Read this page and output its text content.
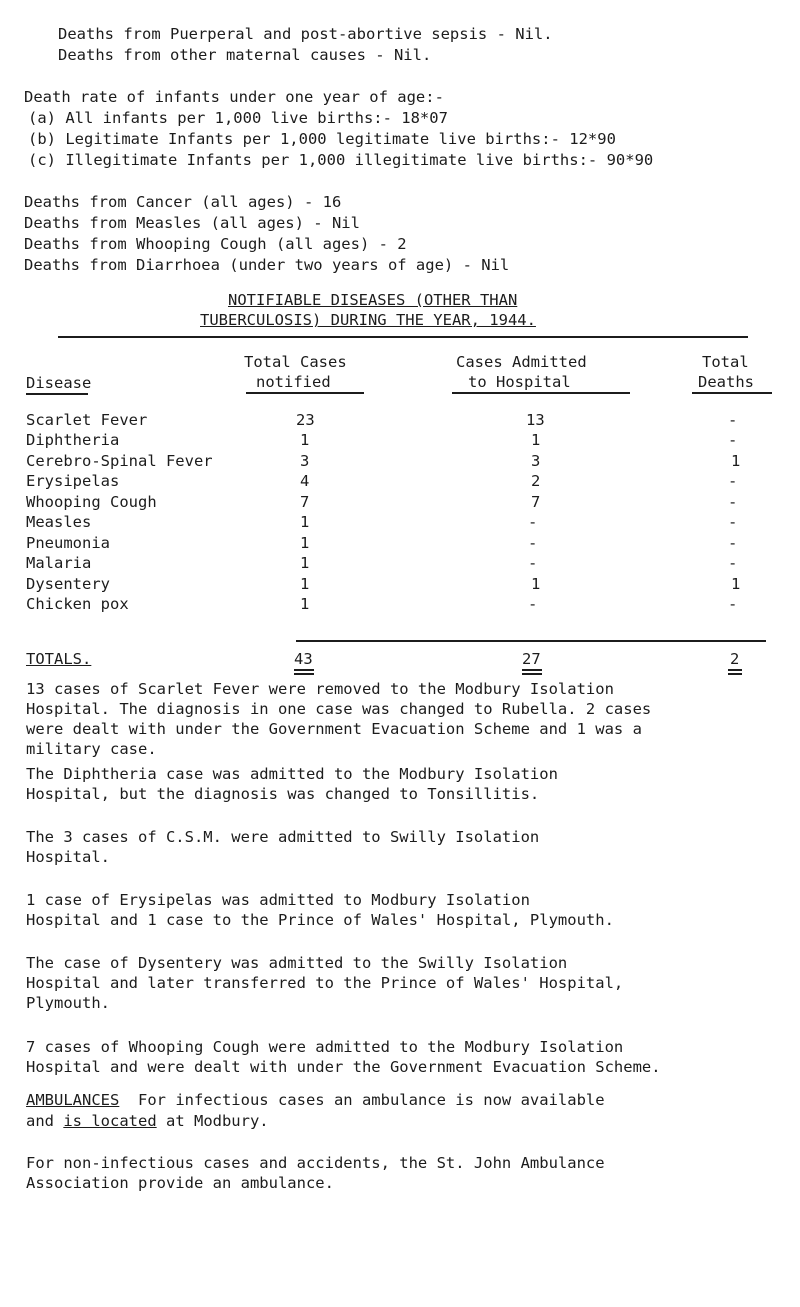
Deaths from Puerperal and post-abortive sepsis - Nil.
Deaths from other maternal causes - Nil.
Death rate of infants under one year of age:-
(a) All infants per 1,000 live births:- 18*07
(b) Legitimate Infants per 1,000 legitimate live births:- 12*90
(c) Illegitimate Infants per 1,000 illegitimate live births:- 90*90
Deaths from Cancer (all ages) - 16
Deaths from Measles (all ages) - Nil
Deaths from Whooping Cough (all ages) - 2
Deaths from Diarrhoea (under two years of age) - Nil
NOTIFIABLE DISEASES (OTHER THAN
TUBERCULOSIS) DURING THE YEAR, 1944.
Total Cases	Cases Admitted	Total
Disease	notified	to Hospital	Deaths
Scarlet Fever	23	13	-
Diphtheria	1	1	-
Cerebro-Spinal Fever	3	3	1
Erysipelas	4	2	-
Whooping Cough	7	7	-
Measles	1	-	-
Pneumonia	1	-	-
Malaria	1	-	-
Dysentery	1	1	1
Chicken pox	1	-	-
TOTALS.	43	27	2
13 cases of Scarlet Fever were removed to the Modbury Isolation
Hospital. The diagnosis in one case was changed to Rubella. 2 cases
were dealt with under the Government Evacuation Scheme and 1 was a
military case.
The Diphtheria case was admitted to the Modbury Isolation
Hospital, but the diagnosis was changed to Tonsillitis.
The 3 cases of C.S.M. were admitted to Swilly Isolation
Hospital.
1 case of Erysipelas was admitted to Modbury Isolation
Hospital and 1 case to the Prince of Wales' Hospital, Plymouth.
The case of Dysentery was admitted to the Swilly Isolation
Hospital and later transferred to the Prince of Wales' Hospital,
Plymouth.
7 cases of Whooping Cough were admitted to the Modbury Isolation
Hospital and were dealt with under the Government Evacuation Scheme.
AMBULANCES  For infectious cases an ambulance is now available
and is located at Modbury.
For non-infectious cases and accidents, the St. John Ambulance
Association provide an ambulance.
